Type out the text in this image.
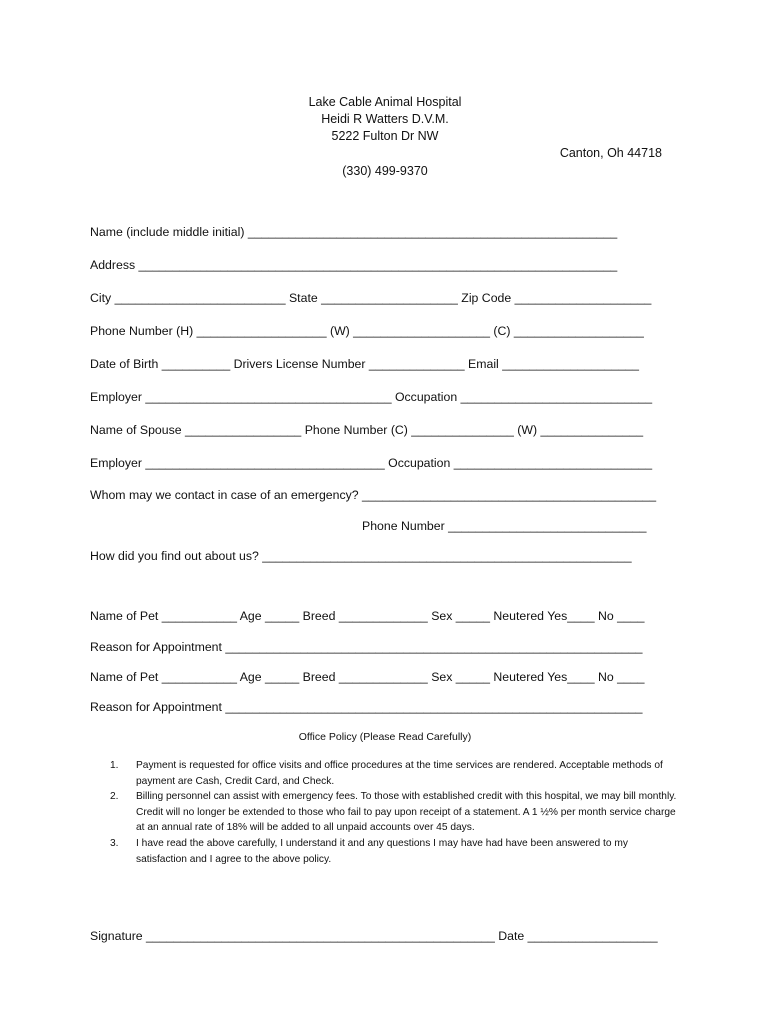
Lake Cable Animal Hospital
Heidi R Watters D.V.M.
5222 Fulton Dr NW
Canton, Oh 44718
(330) 499-9370
Name (include middle initial) ______________________________________________________
Address ______________________________________________________________________
City _________________________ State ____________________ Zip Code ____________________
Phone Number (H) ___________________ (W) ____________________ (C) ___________________
Date of Birth __________ Drivers License Number ______________ Email ____________________
Employer ____________________________________ Occupation ____________________________
Name of Spouse _________________ Phone Number (C) _______________ (W) _______________
Employer ___________________________________ Occupation _____________________________
Whom may we contact in case of an emergency? ___________________________________________
Phone Number _____________________________
How did you find out about us? ______________________________________________________
Name of Pet ___________ Age _____ Breed _____________ Sex _____ Neutered Yes____ No ____
Reason for Appointment _____________________________________________________________
Name of Pet ___________ Age _____ Breed _____________ Sex _____ Neutered Yes____ No ____
Reason for Appointment _____________________________________________________________
Office Policy (Please Read Carefully)
1. Payment is requested for office visits and office procedures at the time services are rendered. Acceptable methods of payment are Cash, Credit Card, and Check.
2. Billing personnel can assist with emergency fees. To those with established credit with this hospital, we may bill monthly. Credit will no longer be extended to those who fail to pay upon receipt of a statement. A 1 ½% per month service charge at an annual rate of 18% will be added to all unpaid accounts over 45 days.
3. I have read the above carefully, I understand it and any questions I may have had have been answered to my satisfaction and I agree to the above policy.
Signature ___________________________________________________ Date ___________________
